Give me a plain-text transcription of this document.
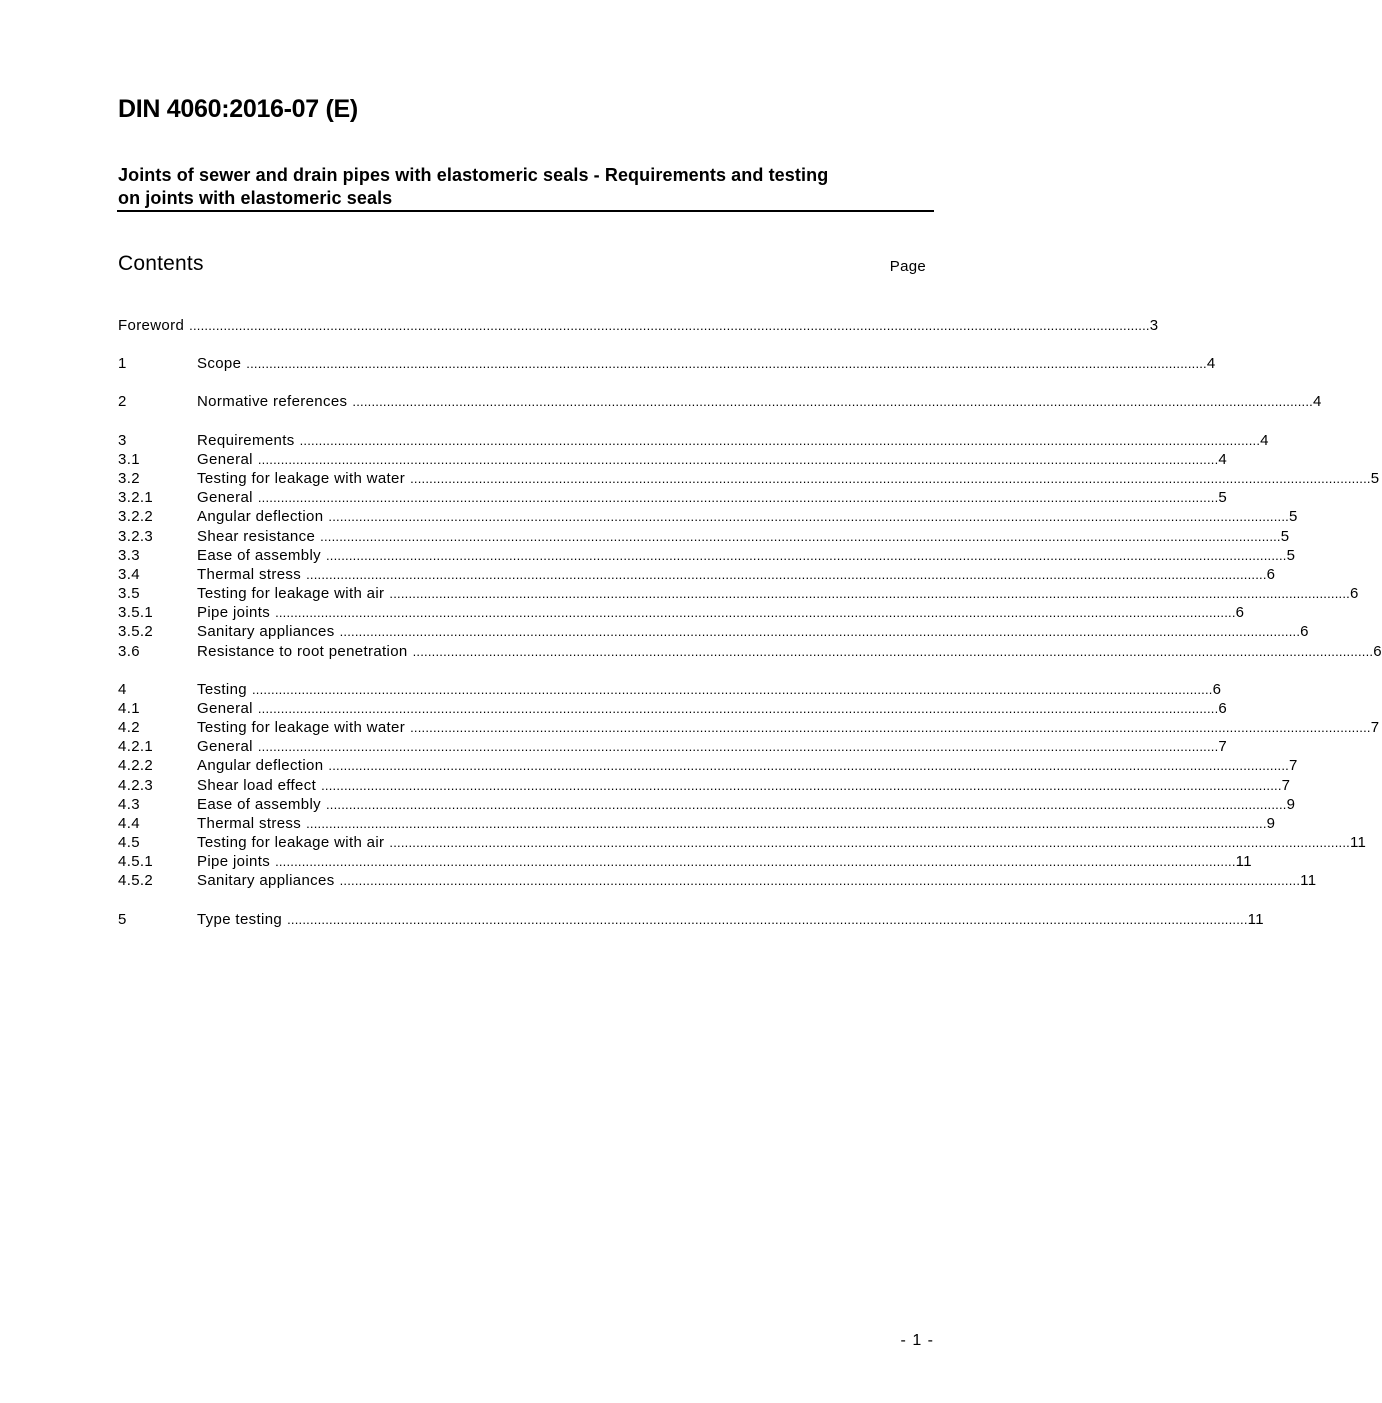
DIN 4060:2016-07 (E)
Joints of sewer and drain pipes with elastomeric seals - Requirements and testing
on joints with elastomeric seals
Contents	Page
Foreword ............................................................................................................................................................................................................................................................ 3
1	Scope ............................................................................................................................................................................................................................................................ 4
2	Normative references ............................................................................................................................................................................................................................................................ 4
3	Requirements ............................................................................................................................................................................................................................................................ 4
3.1	General ............................................................................................................................................................................................................................................................ 4
3.2	Testing for leakage with water ............................................................................................................................................................................................................................................................ 5
3.2.1	General ............................................................................................................................................................................................................................................................ 5
3.2.2	Angular deflection ............................................................................................................................................................................................................................................................ 5
3.2.3	Shear resistance ............................................................................................................................................................................................................................................................ 5
3.3	Ease of assembly ............................................................................................................................................................................................................................................................ 5
3.4	Thermal stress ............................................................................................................................................................................................................................................................ 6
3.5	Testing for leakage with air ............................................................................................................................................................................................................................................................ 6
3.5.1	Pipe joints ............................................................................................................................................................................................................................................................ 6
3.5.2	Sanitary appliances ............................................................................................................................................................................................................................................................ 6
3.6	Resistance to root penetration ............................................................................................................................................................................................................................................................ 6
4	Testing ............................................................................................................................................................................................................................................................ 6
4.1	General ............................................................................................................................................................................................................................................................ 6
4.2	Testing for leakage with water ............................................................................................................................................................................................................................................................ 7
4.2.1	General ............................................................................................................................................................................................................................................................ 7
4.2.2	Angular deflection ............................................................................................................................................................................................................................................................ 7
4.2.3	Shear load effect ............................................................................................................................................................................................................................................................ 7
4.3	Ease of assembly ............................................................................................................................................................................................................................................................ 9
4.4	Thermal stress ............................................................................................................................................................................................................................................................ 9
4.5	Testing for leakage with air ............................................................................................................................................................................................................................................................ 11
4.5.1	Pipe joints ............................................................................................................................................................................................................................................................ 11
4.5.2	Sanitary appliances ............................................................................................................................................................................................................................................................ 11
5	Type testing ............................................................................................................................................................................................................................................................ 11
- 1 -
